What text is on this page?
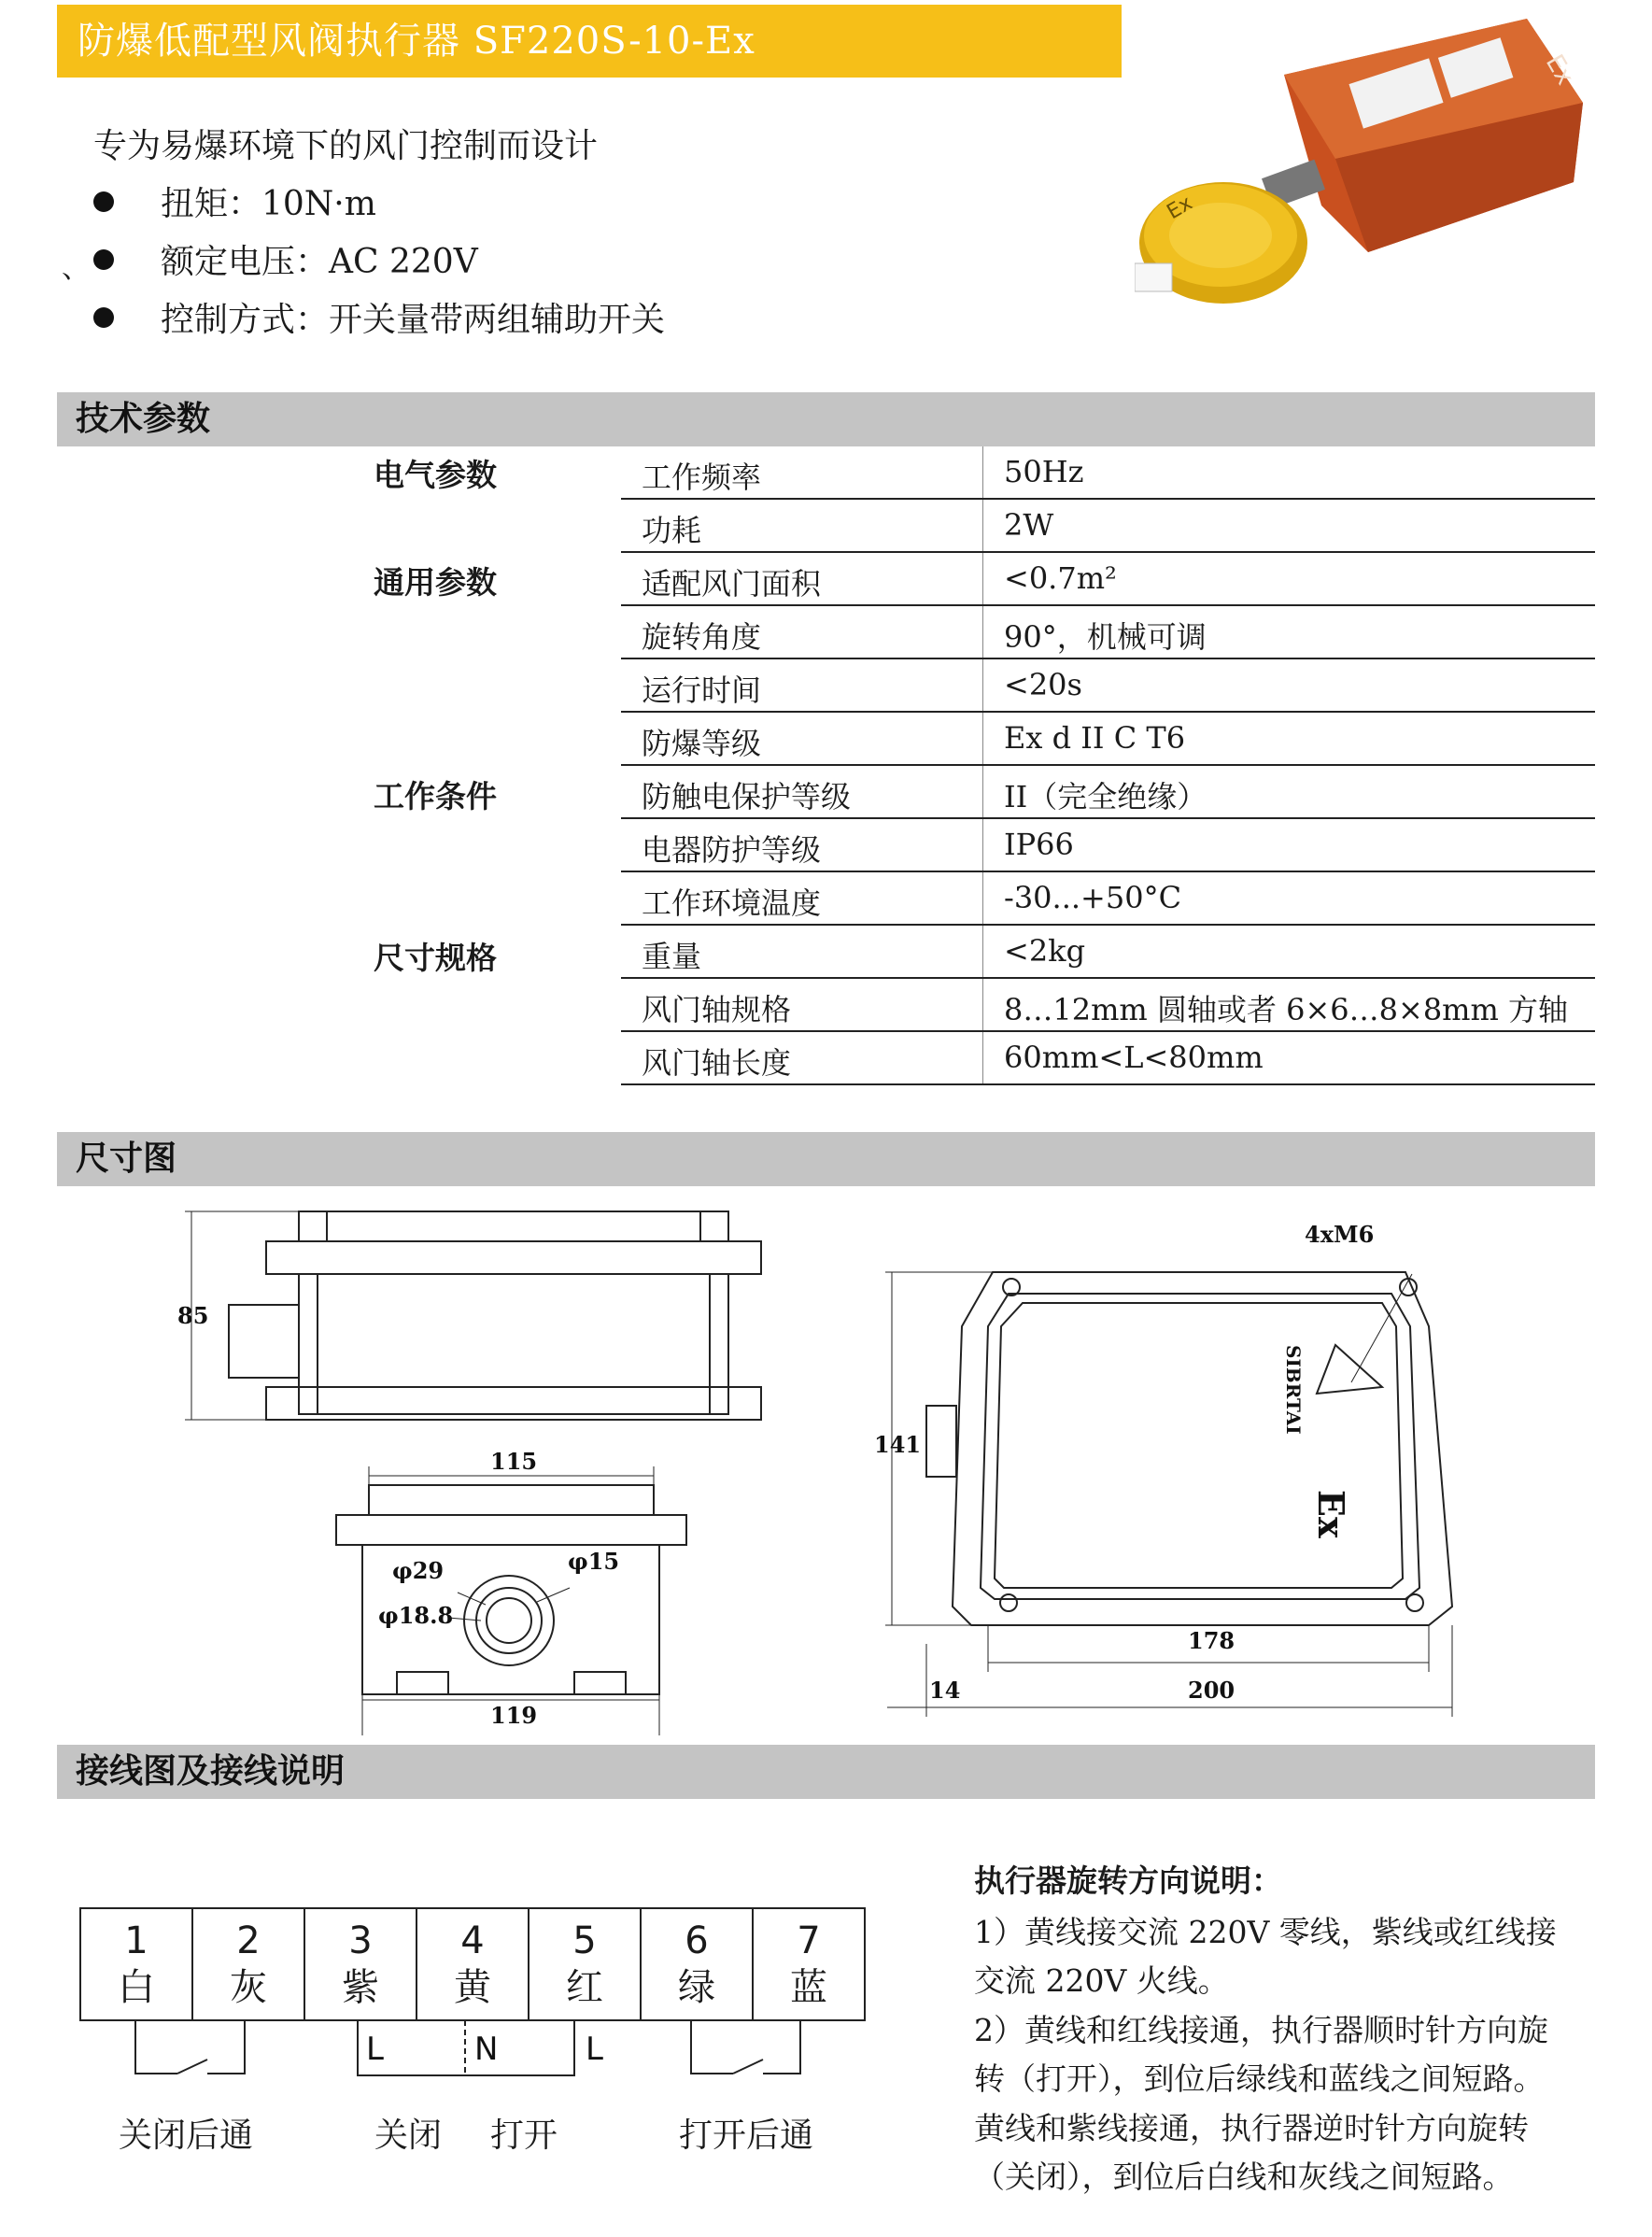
防爆低配型风阀执行器 SF220S-10-Ex
专为易爆环境下的风门控制而设计
、
扭矩：10N·m
额定电压：AC 220V
控制方式：开关量带两组辅助开关
Ex
Ex
技术参数
电气参数
通用参数
工作条件
尺寸规格
工作频率	50Hz
功耗	2W
适配风门面积	<0.7m²
旋转角度	90°，机械可调
运行时间	<20s
防爆等级	Ex d II C T6
防触电保护等级	II（完全绝缘）
电器防护等级	IP66
工作环境温度	-30...+50°C
重量	<2kg
风门轴规格	8…12mm 圆轴或者 6×6…8×8mm 方轴
风门轴长度	60mm<L<80mm
尺寸图
85
115
φ29	φ15
φ18.8
119
4xM6
141
178
14	200
SIBRTAI
Ex
接线图及接线说明
1
白

2
灰

3
紫

4
黄

5
红

6
绿

7
蓝
L	N	L
关闭后通	关闭 打开	打开后通
执行器旋转方向说明：
1）黄线接交流 220V 零线，紫线或红线接
交流 220V 火线。
2）黄线和红线接通，执行器顺时针方向旋
转（打开），到位后绿线和蓝线之间短路。
黄线和紫线接通，执行器逆时针方向旋转
（关闭），到位后白线和灰线之间短路。
